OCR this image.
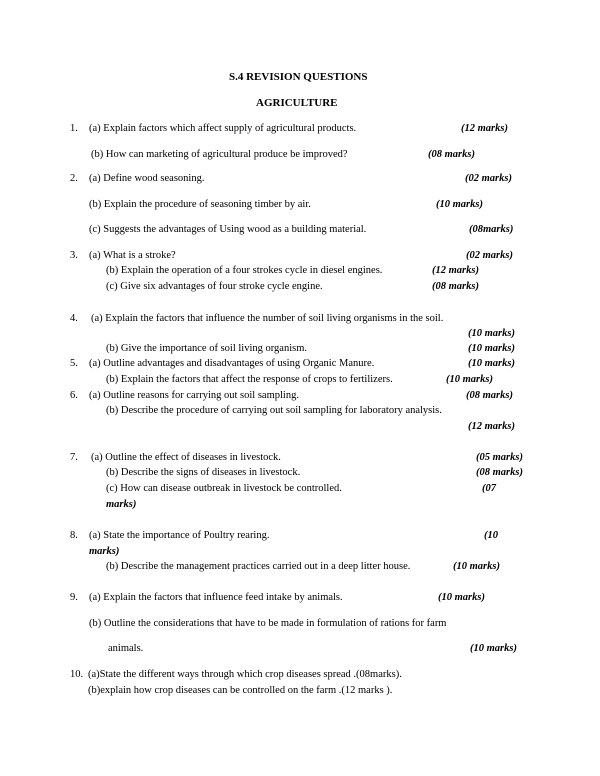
S.4 REVISION QUESTIONS
AGRICULTURE
1. (a) Explain factors which affect supply of agricultural products.	(12 marks)
(b) How can marketing of agricultural produce be improved?	(08 marks)
2. (a) Define wood seasoning.	(02 marks)
(b) Explain the procedure of seasoning timber by air.	(10 marks)
(c) Suggests the advantages of Using wood as a building material.	(08marks)
3. (a) What is a stroke?	(02 marks)
(b) Explain the operation of a four strokes cycle in diesel engines.	(12 marks)
(c) Give six advantages of four stroke cycle engine.	(08 marks)
4. (a) Explain the factors that influence the number of soil living organisms in the soil.
(10 marks)
(b) Give the importance of soil living organism.	(10 marks)
5. (a) Outline advantages and disadvantages of using Organic Manure.	(10 marks)
(b) Explain the factors that affect the response of crops to fertilizers.	(10 marks)
6. (a) Outline reasons for carrying out soil sampling.	(08 marks)
(b) Describe the procedure of carrying out soil sampling for laboratory analysis.
(12 marks)
7. (a) Outline the effect of diseases in livestock.	(05 marks)
(b) Describe the signs of diseases in livestock.	(08 marks)
(c) How can disease outbreak in livestock be controlled.	(07
marks)
8. (a) State the importance of Poultry rearing.	(10
marks)
(b) Describe the management practices carried out in a deep litter house.	(10 marks)
9. (a) Explain the factors that influence feed intake by animals.	(10 marks)
(b) Outline the considerations that have to be made in formulation of rations for farm
animals.	(10 marks)
10. (a)State the different ways through which crop diseases spread .(08marks).
(b)explain how crop diseases can be controlled on the farm .(12 marks ).
